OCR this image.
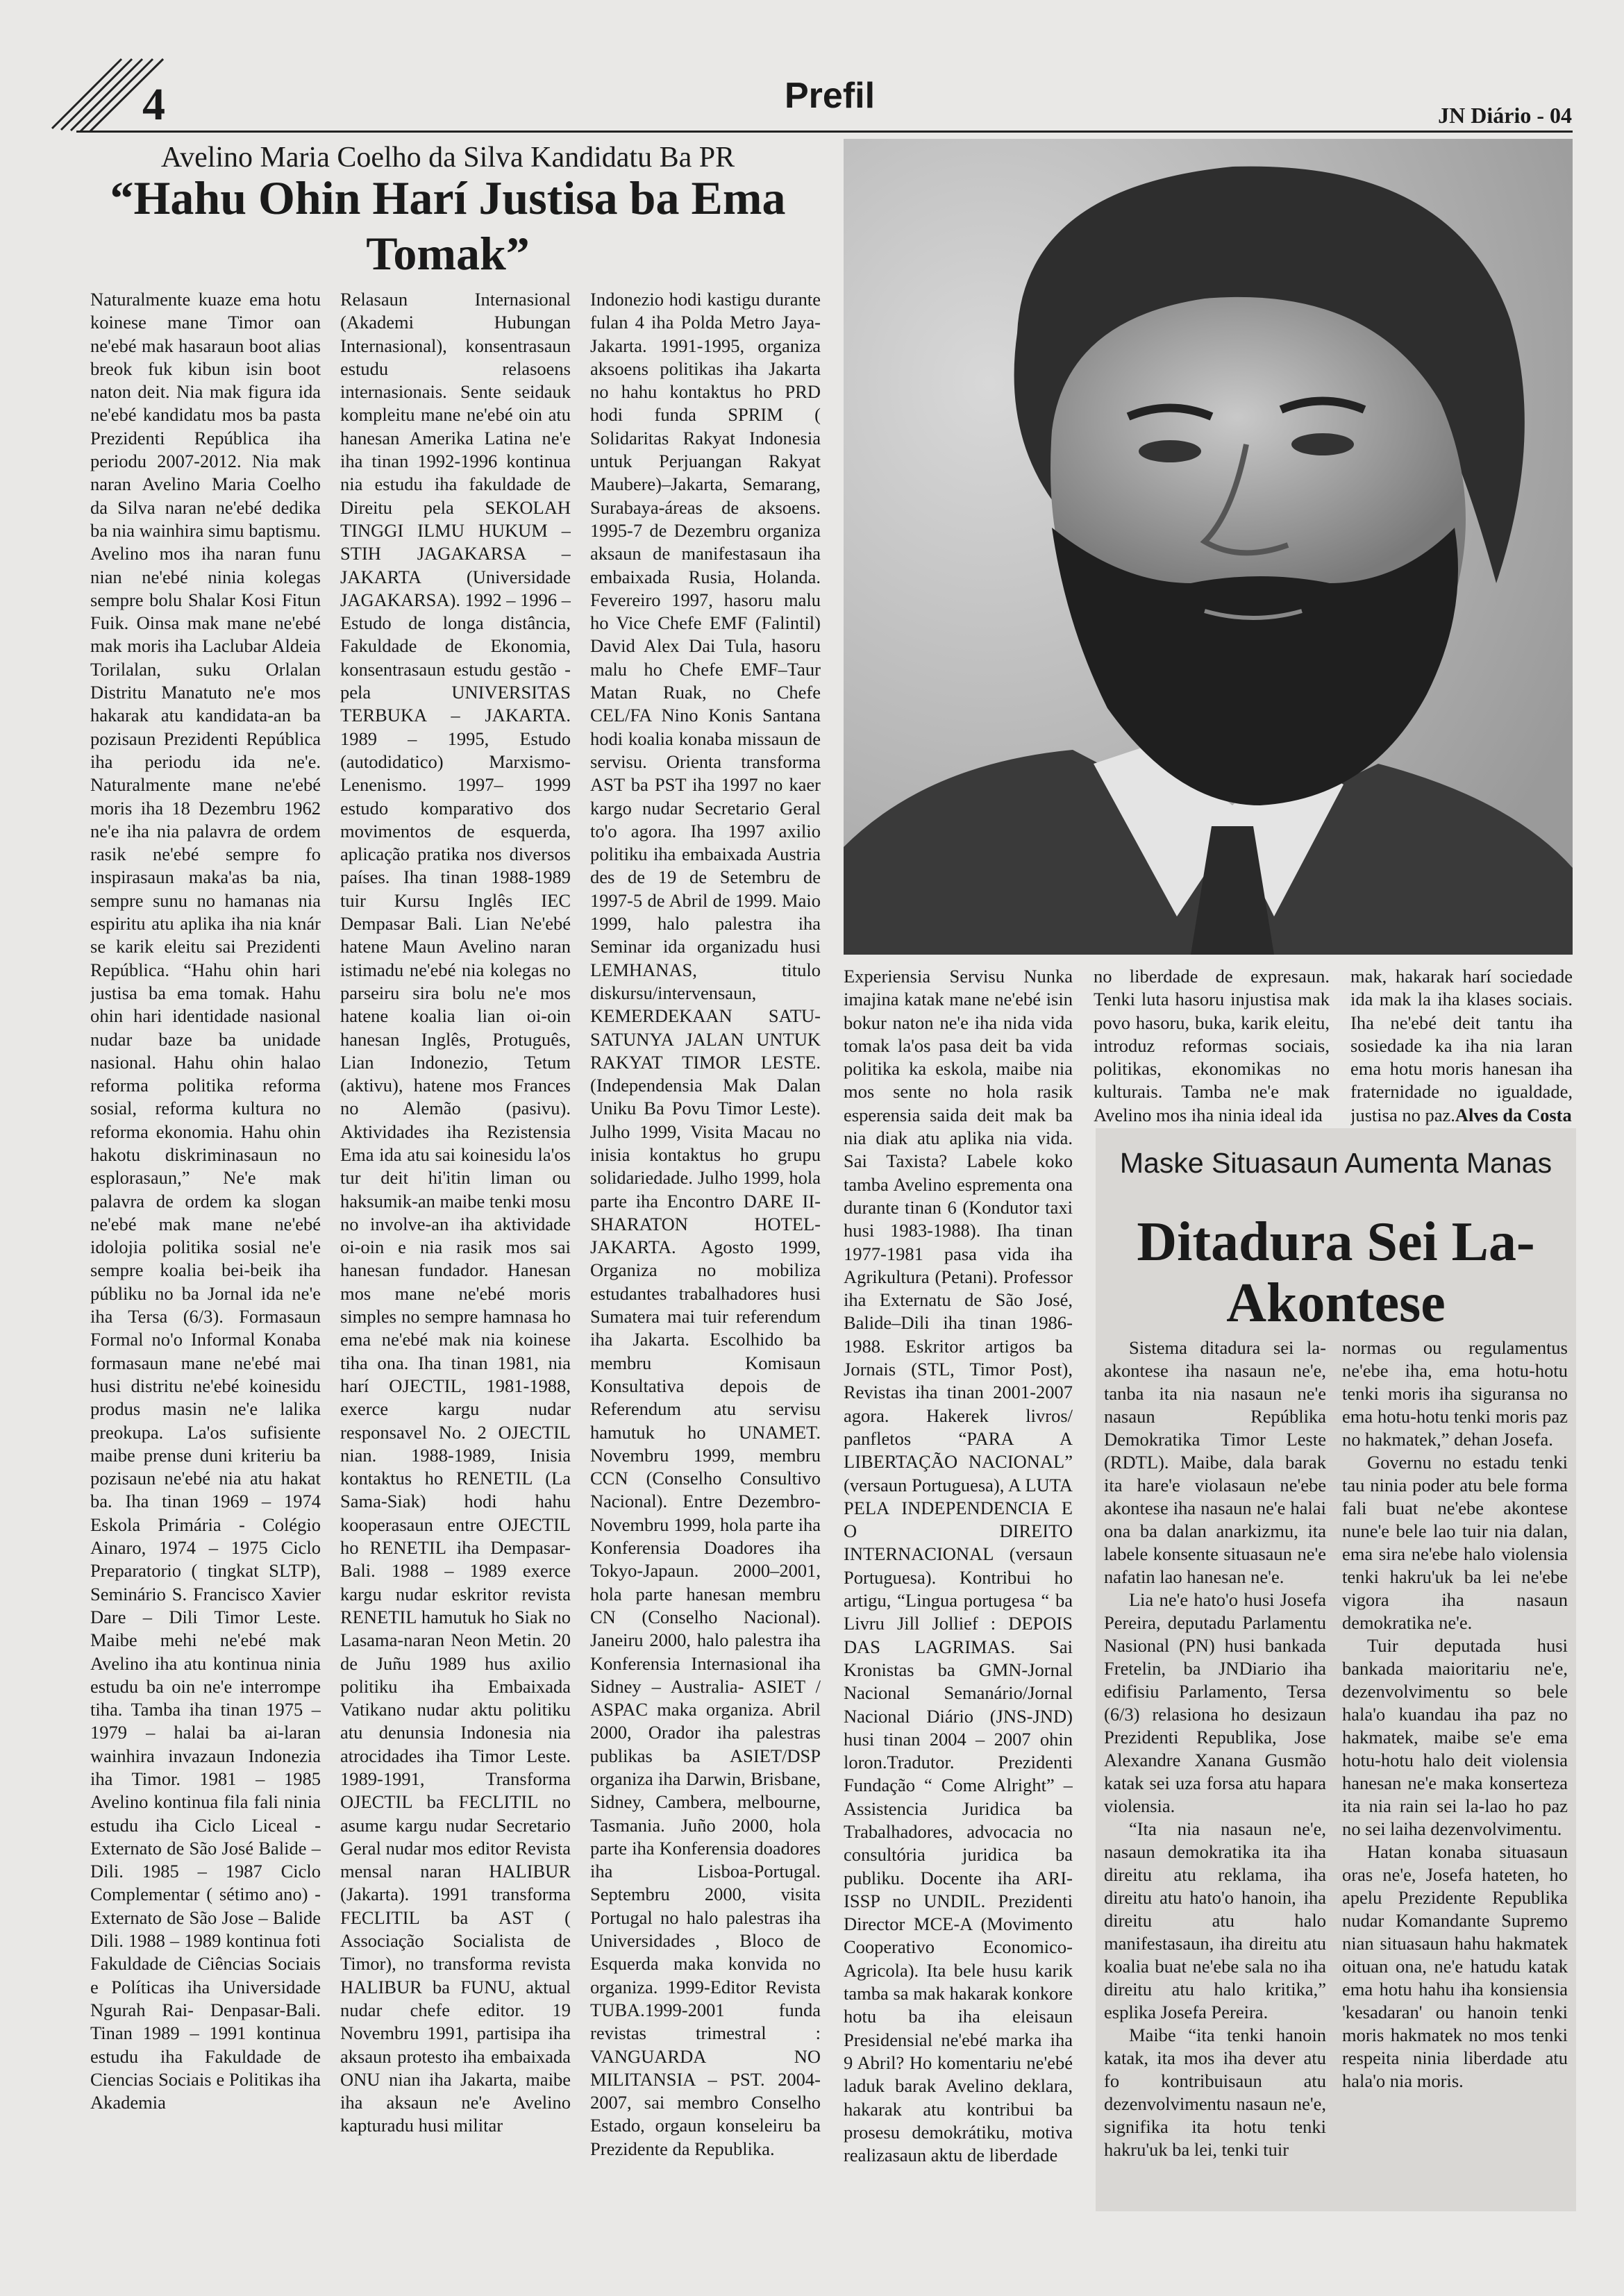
4	Prefil	JN Diário - 04
Avelino Maria Coelho da Silva Kandidatu Ba PR
“Hahu Ohin Harí Justisa ba Ema Tomak”

Naturalmente kuaze ema hotu koinese mane Timor oan ne'ebé mak hasaraun boot alias breok fuk kibun isin boot naton deit. Nia mak figura ida ne'ebé kandidatu mos ba pasta Prezidenti República iha periodu 2007-2012. Nia mak naran Avelino Maria Coelho da Silva naran ne'ebé dedika ba nia wainhira simu baptismu. Avelino mos iha naran funu nian ne'ebé ninia kolegas sempre bolu Shalar Kosi Fitun Fuik. Oinsa mak mane ne'ebé mak moris iha Laclubar Aldeia Torilalan, suku Orlalan Distritu Manatuto ne'e mos hakarak atu kandidata-an ba pozisaun Prezidenti República iha periodu ida ne'e. Naturalmente mane ne'ebé moris iha 18 Dezembru 1962 ne'e iha nia palavra de ordem rasik ne'ebé sempre fo inspirasaun maka'as ba nia, sempre sunu no hamanas nia espiritu atu aplika iha nia knár se karik eleitu sai Prezidenti República. “Hahu ohin hari justisa ba ema tomak. Hahu ohin hari identidade nasional nudar baze ba unidade nasional. Hahu ohin halao reforma politika reforma sosial, reforma kultura no reforma ekonomia. Hahu ohin hakotu diskriminasaun no esplorasaun,” Ne'e mak palavra de ordem ka slogan ne'ebé mak mane ne'ebé idolojia politika sosial ne'e sempre koalia bei-beik iha públiku no ba Jornal ida ne'e iha Tersa (6/3). Formasaun Formal no'o Informal Konaba formasaun mane ne'ebé mai husi distritu ne'ebé koinesidu produs masin ne'e lalika preokupa. La'os sufisiente maibe prense duni kriteriu ba pozisaun ne'ebé nia atu hakat ba. Iha tinan 1969 – 1974 Eskola Primária - Colégio Ainaro, 1974 – 1975 Ciclo Preparatorio ( tingkat SLTP), Seminário S. Francisco Xavier Dare – Dili Timor Leste. Maibe mehi ne'ebé mak Avelino iha atu kontinua ninia estudu ba oin ne'e interrompe tiha. Tamba iha tinan 1975 – 1979 – halai ba ai-laran wainhira invazaun Indonezia iha Timor. 1981 – 1985 Avelino kontinua fila fali ninia estudu iha Ciclo Liceal - Externato de São José Balide – Dili. 1985 – 1987 Ciclo Complementar ( sétimo ano) - Externato de São Jose – Balide Dili. 1988 – 1989 kontinua foti Fakuldade de Ciências Sociais e Políticas iha Universidade Ngurah Rai- Denpasar-Bali. Tinan 1989 – 1991 kontinua estudu iha Fakuldade de Ciencias Sociais e Politikas iha Akademia

Relasaun Internasional (Akademi Hubungan Internasional), konsentrasaun estudu relasoens internasionais. Sente seidauk kompleitu mane ne'ebé oin atu hanesan Amerika Latina ne'e iha tinan 1992-1996 kontinua nia estudu iha fakuldade de Direitu pela SEKOLAH TINGGI ILMU HUKUM – STIH JAGAKARSA – JAKARTA (Universidade JAGAKARSA). 1992 – 1996 – Estudo de longa distância, Fakuldade de Ekonomia, konsentrasaun estudu gestão - pela UNIVERSITAS TERBUKA – JAKARTA. 1989 – 1995, Estudo (autodidatico) Marxismo-Lenenismo. 1997– 1999 estudo komparativo dos movimentos de esquerda, aplicação pratika nos diversos países. Iha tinan 1988-1989 tuir Kursu Inglês IEC Dempasar Bali. Lian Ne'ebé hatene Maun Avelino naran istimadu ne'ebé nia kolegas no parseiru sira bolu ne'e mos hatene koalia lian oi-oin hanesan Inglês, Protuguês, Lian Indonezio, Tetum (aktivu), hatene mos Frances no Alemão (pasivu). Aktividades iha Rezistensia Ema ida atu sai koinesidu la'os tur deit hi'itin liman ou haksumik-an maibe tenki mosu no involve-an iha aktividade oi-oin e nia rasik mos sai hanesan fundador. Hanesan mos mane ne'ebé moris simples no sempre hamnasa ho ema ne'ebé mak nia koinese tiha ona. Iha tinan 1981, nia harí OJECTIL, 1981-1988, exerce kargu nudar responsavel No. 2 OJECTIL nian. 1988-1989, Inisia kontaktus ho RENETIL (La Sama-Siak) hodi hahu kooperasaun entre OJECTIL ho RENETIL iha Dempasar-Bali. 1988 – 1989 exerce kargu nudar eskritor revista RENETIL hamutuk ho Siak no Lasama-naran Neon Metin. 20 de Juñu 1989 hus axilio politiku iha Embaixada Vatikano nudar aktu politiku atu denunsia Indonesia nia atrocidades iha Timor Leste. 1989-1991, Transforma OJECTIL ba FECLITIL no asume kargu nudar Secretario Geral nudar mos editor Revista mensal naran HALIBUR (Jakarta). 1991 transforma FECLITIL ba AST ( Associação Socialista de Timor), no transforma revista HALIBUR ba FUNU, aktual nudar chefe editor. 19 Novembru 1991, partisipa iha aksaun protesto iha embaixada ONU nian iha Jakarta, maibe iha aksaun ne'e Avelino kapturadu husi militar

Indonezio hodi kastigu durante fulan 4 iha Polda Metro Jaya-Jakarta. 1991-1995, organiza aksoens politikas iha Jakarta no hahu kontaktus ho PRD hodi funda SPRIM ( Solidaritas Rakyat Indonesia untuk Perjuangan Rakyat Maubere)–Jakarta, Semarang, Surabaya-áreas de aksoens. 1995-7 de Dezembru organiza aksaun de manifestasaun iha embaixada Rusia, Holanda. Fevereiro 1997, hasoru malu ho Vice Chefe EMF (Falintil) David Alex Dai Tula, hasoru malu ho Chefe EMF–Taur Matan Ruak, no Chefe CEL/FA Nino Konis Santana hodi koalia konaba missaun de servisu. Orienta transforma AST ba PST iha 1997 no kaer kargo nudar Secretario Geral to'o agora. Iha 1997 axilio politiku iha embaixada Austria des de 19 de Setembru de 1997-5 de Abril de 1999. Maio 1999, halo palestra iha Seminar ida organizadu husi LEMHANAS, titulo diskursu/intervensaun, KEMERDEKAAN SATU-SATUNYA JALAN UNTUK RAKYAT TIMOR LESTE. (Independensia Mak Dalan Uniku Ba Povu Timor Leste). Julho 1999, Visita Macau no inisia kontaktus ho grupu solidariedade. Julho 1999, hola parte iha Encontro DARE II-SHARATON HOTEL-JAKARTA. Agosto 1999, Organiza no mobiliza estudantes trabalhadores husi Sumatera mai tuir referendum iha Jakarta. Escolhido ba membru Komisaun Konsultativa depois de Referendum atu servisu hamutuk ho UNAMET. Novembru 1999, membru CCN (Conselho Consultivo Nacional). Entre Dezembro-Novembru 1999, hola parte iha Konferensia Doadores iha Tokyo-Japaun. 2000–2001, hola parte hanesan membru CN (Conselho Nacional). Janeiru 2000, halo palestra iha Konferensia Internasional iha Sidney – Australia- ASIET / ASPAC maka organiza. Abril 2000, Orador iha palestras publikas ba ASIET/DSP organiza iha Darwin, Brisbane, Sidney, Cambera, melbourne, Tasmania. Juño 2000, hola parte iha Konferensia doadores iha Lisboa-Portugal. Septembru 2000, visita Portugal no halo palestras iha Universidades , Bloco de Esquerda maka konvida no organiza. 1999-Editor Revista TUBA.1999-2001 funda revistas trimestral : VANGUARDA NO MILITANSIA – PST. 2004-2007, sai membro Conselho Estado, orgaun konseleiru ba Prezidente da Republika.

Experiensia Servisu Nunka imajina katak mane ne'ebé isin bokur naton ne'e iha nida vida tomak la'os pasa deit ba vida politika ka eskola, maibe nia mos sente no hola rasik esperensia saida deit mak ba nia diak atu aplika nia vida. Sai Taxista? Labele koko tamba Avelino esprementa ona durante tinan 6 (Kondutor taxi husi 1983-1988). Iha tinan 1977-1981 pasa vida iha Agrikultura (Petani). Professor iha Externatu de São José, Balide–Dili iha tinan 1986-1988. Eskritor artigos ba Jornais (STL, Timor Post), Revistas iha tinan 2001-2007 agora. Hakerek livros/ panfletos “PARA A LIBERTAÇÃO NACIONAL” (versaun Portuguesa), A LUTA PELA INDEPENDENCIA E O DIREITO INTERNACIONAL (versaun Portuguesa). Kontribui ho artigu, “Lingua portugesa “ ba Livru Jill Jollief : DEPOIS DAS LAGRIMAS. Sai Kronistas ba GMN-Jornal Nacional Semanário/Jornal Nacional Diário (JNS-JND) husi tinan 2004 – 2007 ohin loron.Tradutor. Prezidenti Fundação “ Come Alright” – Assistencia Juridica ba Trabalhadores, advocacia no consultória juridica ba publiku. Docente iha ARI-ISSP no UNDIL. Prezidenti Director MCE-A (Movimento Cooperativo Economico-Agricola). Ita bele husu karik tamba sa mak hakarak konkore hotu ba iha eleisaun Presidensial ne'ebé marka iha 9 Abril? Ho komentariu ne'ebé laduk barak Avelino deklara, hakarak atu kontribui ba prosesu demokrátiku, motiva realizasaun aktu de liberdade

no liberdade de expresaun. Tenki luta hasoru injustisa mak povo hasoru, buka, karik eleitu, introduz reformas sociais, politikas, ekonomikas no kulturais. Tamba ne'e mak Avelino mos iha ninia ideal ida

mak, hakarak harí sociedade ida mak la iha klases sociais. Iha ne'ebé deit tantu iha sosiedade ka iha nia laran ema hotu moris hanesan iha fraternidade no igualdade, justisa no paz.Alves da Costa

Maske Situasaun Aumenta Manas
Ditadura Sei La-Akontese

Sistema ditadura sei la-akontese iha nasaun ne'e, tanba ita nia nasaun ne'e nasaun Repúblika Demokratika Timor Leste (RDTL). Maibe, dala barak ita hare'e violasaun ne'ebe akontese iha nasaun ne'e halai ona ba dalan anarkizmu, ita labele konsente situasaun ne'e nafatin lao hanesan ne'e.

Lia ne'e hato'o husi Josefa Pereira, deputadu Parlamentu Nasional (PN) husi bankada Fretelin, ba JNDiario iha edifisiu Parlamento, Tersa (6/3) relasiona ho desizaun Prezidenti Republika, Jose Alexandre Xanana Gusmão katak sei uza forsa atu hapara violensia.

“Ita nia nasaun ne'e, nasaun demokratika ita iha direitu atu reklama, iha direitu atu hato'o hanoin, iha direitu atu halo manifestasaun, iha direitu atu koalia buat ne'ebe sala no iha direitu atu halo kritika,” esplika Josefa Pereira.

Maibe “ita tenki hanoin katak, ita mos iha dever atu fo kontribuisaun atu dezenvolvimentu nasaun ne'e, signifika ita hotu tenki hakru'uk ba lei, tenki tuir

normas ou regulamentus ne'ebe iha, ema hotu-hotu tenki moris iha siguransa no ema hotu-hotu tenki moris paz no hakmatek,” dehan Josefa.

Governu no estadu tenki tau ninia poder atu bele forma fali buat ne'ebe akontese nune'e bele lao tuir nia dalan, ema sira ne'ebe halo violensia tenki hakru'uk ba lei ne'ebe vigora iha nasaun demokratika ne'e.

Tuir deputada husi bankada maioritariu ne'e, dezenvolvimentu so bele hala'o kuandau iha paz no hakmatek, maibe se'e ema hotu-hotu halo deit violensia hanesan ne'e maka konserteza ita nia rain sei la-lao ho paz no sei laiha dezenvolvimentu.

Hatan konaba situasaun oras ne'e, Josefa hateten, ho apelu Prezidente Republika nudar Komandante Supremo nian situasaun hahu hakmatek oituan ona, ne'e hatudu katak ema hotu hahu iha konsiensia 'kesadaran' ou hanoin tenki moris hakmatek no mos tenki respeita ninia liberdade atu hala'o nia moris.
